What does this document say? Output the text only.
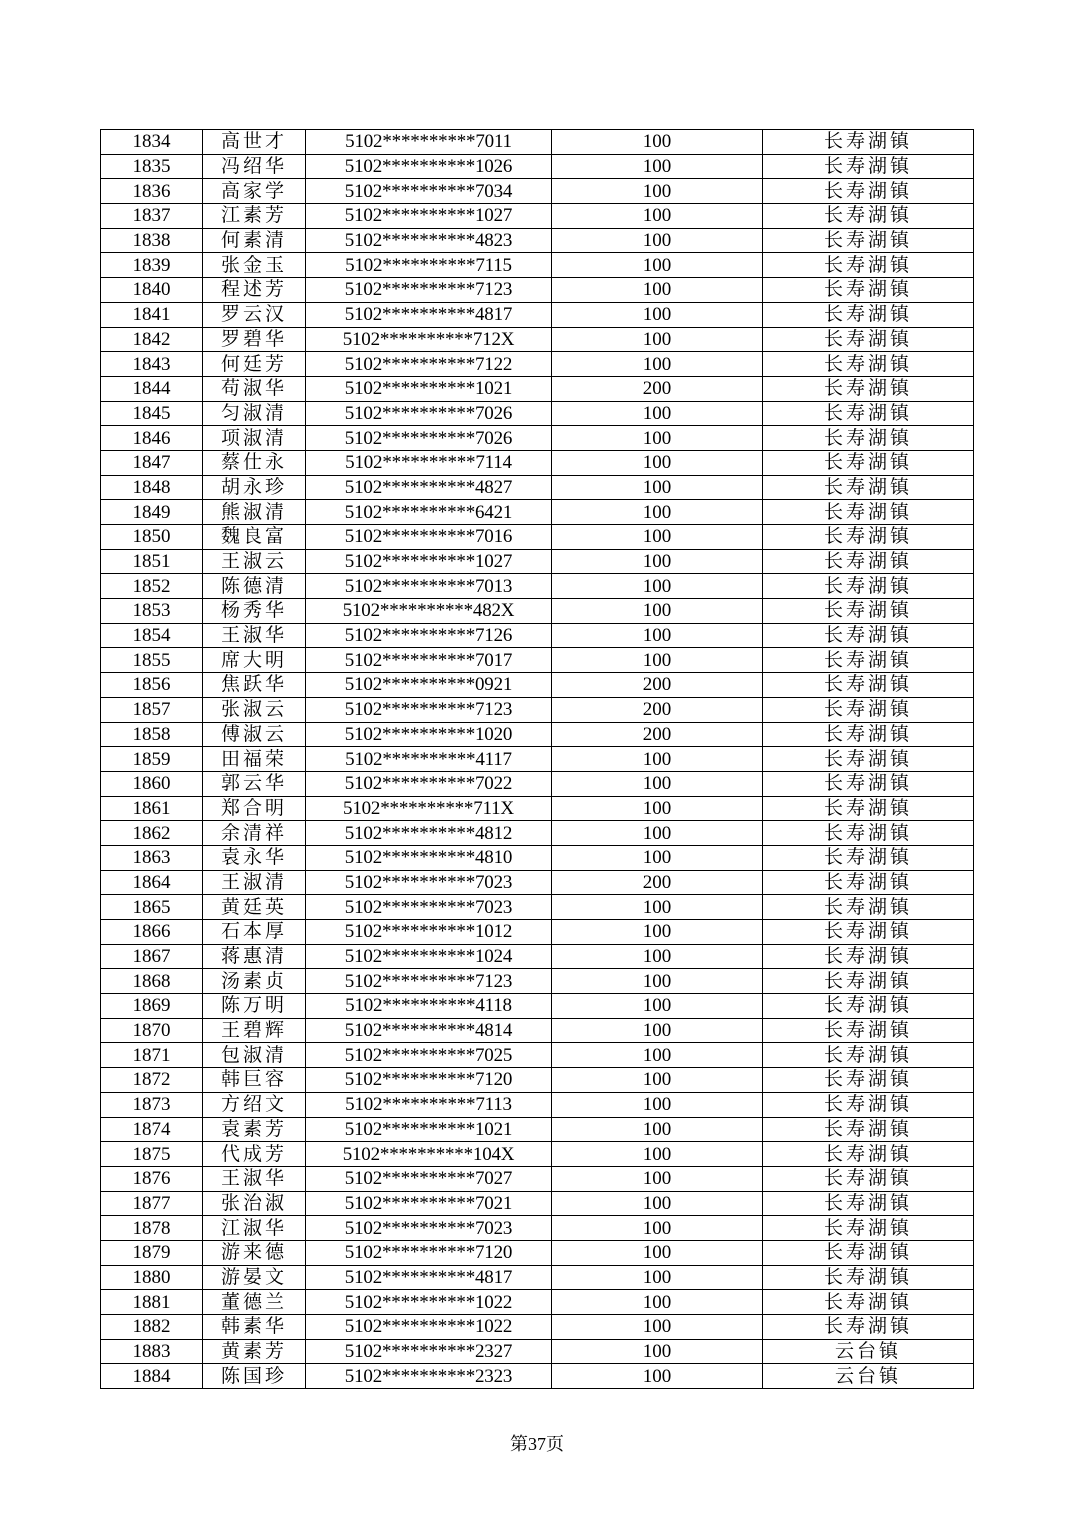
1834	高世才	5102**********7011	100	长寿湖镇
1835	冯绍华	5102**********1026	100	长寿湖镇
1836	高家学	5102**********7034	100	长寿湖镇
1837	江素芳	5102**********1027	100	长寿湖镇
1838	何素清	5102**********4823	100	长寿湖镇
1839	张金玉	5102**********7115	100	长寿湖镇
1840	程述芳	5102**********7123	100	长寿湖镇
1841	罗云汉	5102**********4817	100	长寿湖镇
1842	罗碧华	5102**********712X	100	长寿湖镇
1843	何廷芳	5102**********7122	100	长寿湖镇
1844	苟淑华	5102**********1021	200	长寿湖镇
1845	匀淑清	5102**********7026	100	长寿湖镇
1846	项淑清	5102**********7026	100	长寿湖镇
1847	蔡仕永	5102**********7114	100	长寿湖镇
1848	胡永珍	5102**********4827	100	长寿湖镇
1849	熊淑清	5102**********6421	100	长寿湖镇
1850	魏良富	5102**********7016	100	长寿湖镇
1851	王淑云	5102**********1027	100	长寿湖镇
1852	陈德清	5102**********7013	100	长寿湖镇
1853	杨秀华	5102**********482X	100	长寿湖镇
1854	王淑华	5102**********7126	100	长寿湖镇
1855	席大明	5102**********7017	100	长寿湖镇
1856	焦跃华	5102**********0921	200	长寿湖镇
1857	张淑云	5102**********7123	200	长寿湖镇
1858	傅淑云	5102**********1020	200	长寿湖镇
1859	田福荣	5102**********4117	100	长寿湖镇
1860	郭云华	5102**********7022	100	长寿湖镇
1861	郑合明	5102**********711X	100	长寿湖镇
1862	余清祥	5102**********4812	100	长寿湖镇
1863	袁永华	5102**********4810	100	长寿湖镇
1864	王淑清	5102**********7023	200	长寿湖镇
1865	黄廷英	5102**********7023	100	长寿湖镇
1866	石本厚	5102**********1012	100	长寿湖镇
1867	蒋惠清	5102**********1024	100	长寿湖镇
1868	汤素贞	5102**********7123	100	长寿湖镇
1869	陈万明	5102**********4118	100	长寿湖镇
1870	王碧辉	5102**********4814	100	长寿湖镇
1871	包淑清	5102**********7025	100	长寿湖镇
1872	韩巨容	5102**********7120	100	长寿湖镇
1873	方绍文	5102**********7113	100	长寿湖镇
1874	袁素芳	5102**********1021	100	长寿湖镇
1875	代成芳	5102**********104X	100	长寿湖镇
1876	王淑华	5102**********7027	100	长寿湖镇
1877	张治淑	5102**********7021	100	长寿湖镇
1878	江淑华	5102**********7023	100	长寿湖镇
1879	游来德	5102**********7120	100	长寿湖镇
1880	游晏文	5102**********4817	100	长寿湖镇
1881	董德兰	5102**********1022	100	长寿湖镇
1882	韩素华	5102**********1022	100	长寿湖镇
1883	黄素芳	5102**********2327	100	云台镇
1884	陈国珍	5102**********2323	100	云台镇
第37页
